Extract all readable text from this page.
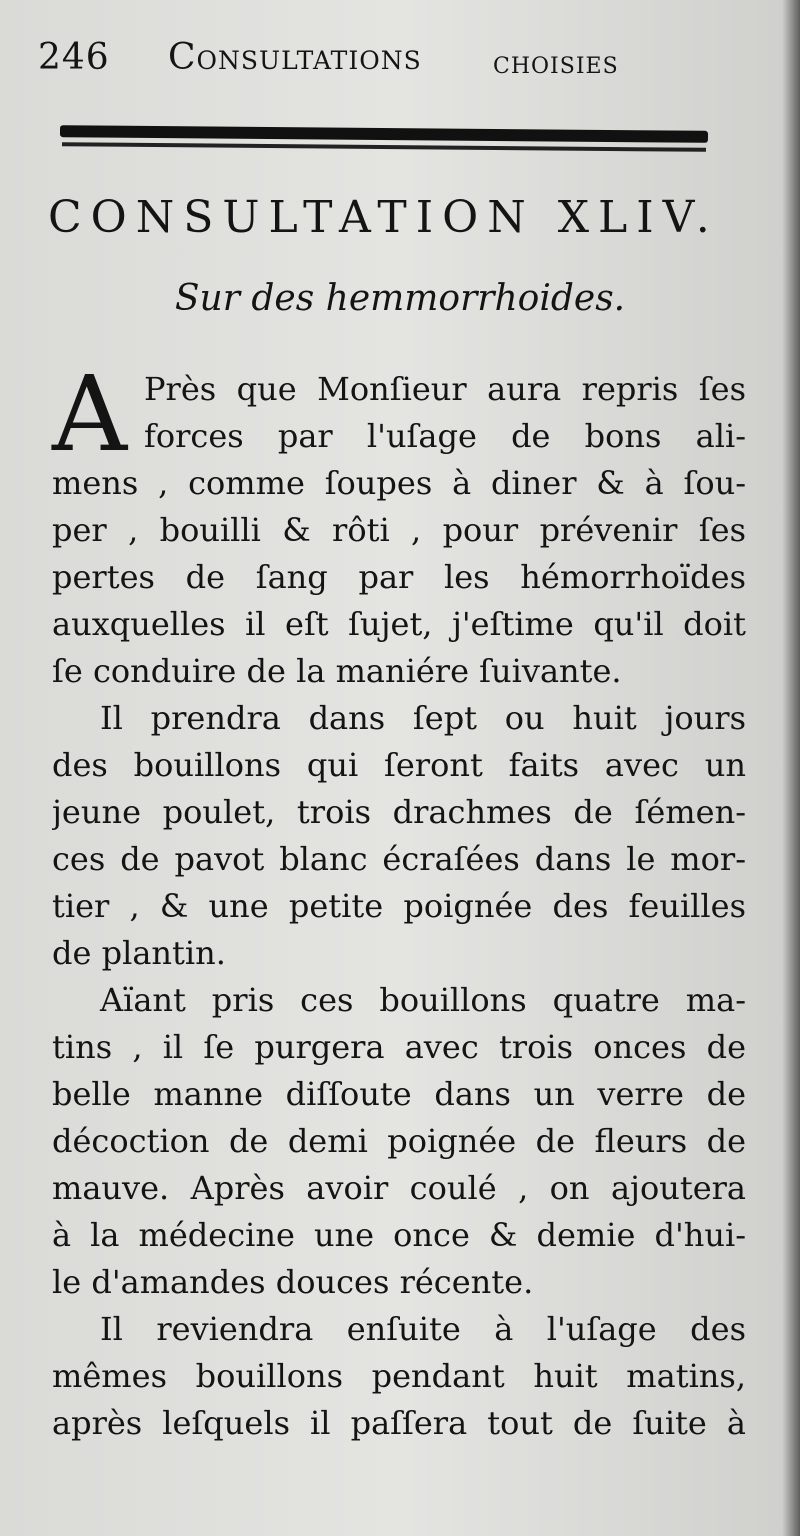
246 Consultations choisies
CONSULTATION XLIV.
Sur des hemmorrhoides.
A Près que Monſieur aura repris ſes
forces par l'uſage de bons ali-
mens , comme ſoupes à diner & à ſou-
per , bouilli & rôti , pour prévenir ſes
pertes de ſang par les hémorrhoïdes
auxquelles il eſt ſujet, j'eſtime qu'il doit
ſe conduire de la maniére ſuivante.
Il prendra dans ſept ou huit jours
des bouillons qui ſeront faits avec un
jeune poulet, trois drachmes de ſémen-
ces de pavot blanc écraſées dans le mor-
tier , & une petite poignée des feuilles
de plantin.
Aïant pris ces bouillons quatre ma-
tins , il ſe purgera avec trois onces de
belle manne diſſoute dans un verre de
décoction de demi poignée de fleurs de
mauve. Après avoir coulé , on ajoutera
à la médecine une once & demie d'hui-
le d'amandes douces récente.
Il reviendra enſuite à l'uſage des
mêmes bouillons pendant huit matins,
après leſquels il paſſera tout de ſuite à
